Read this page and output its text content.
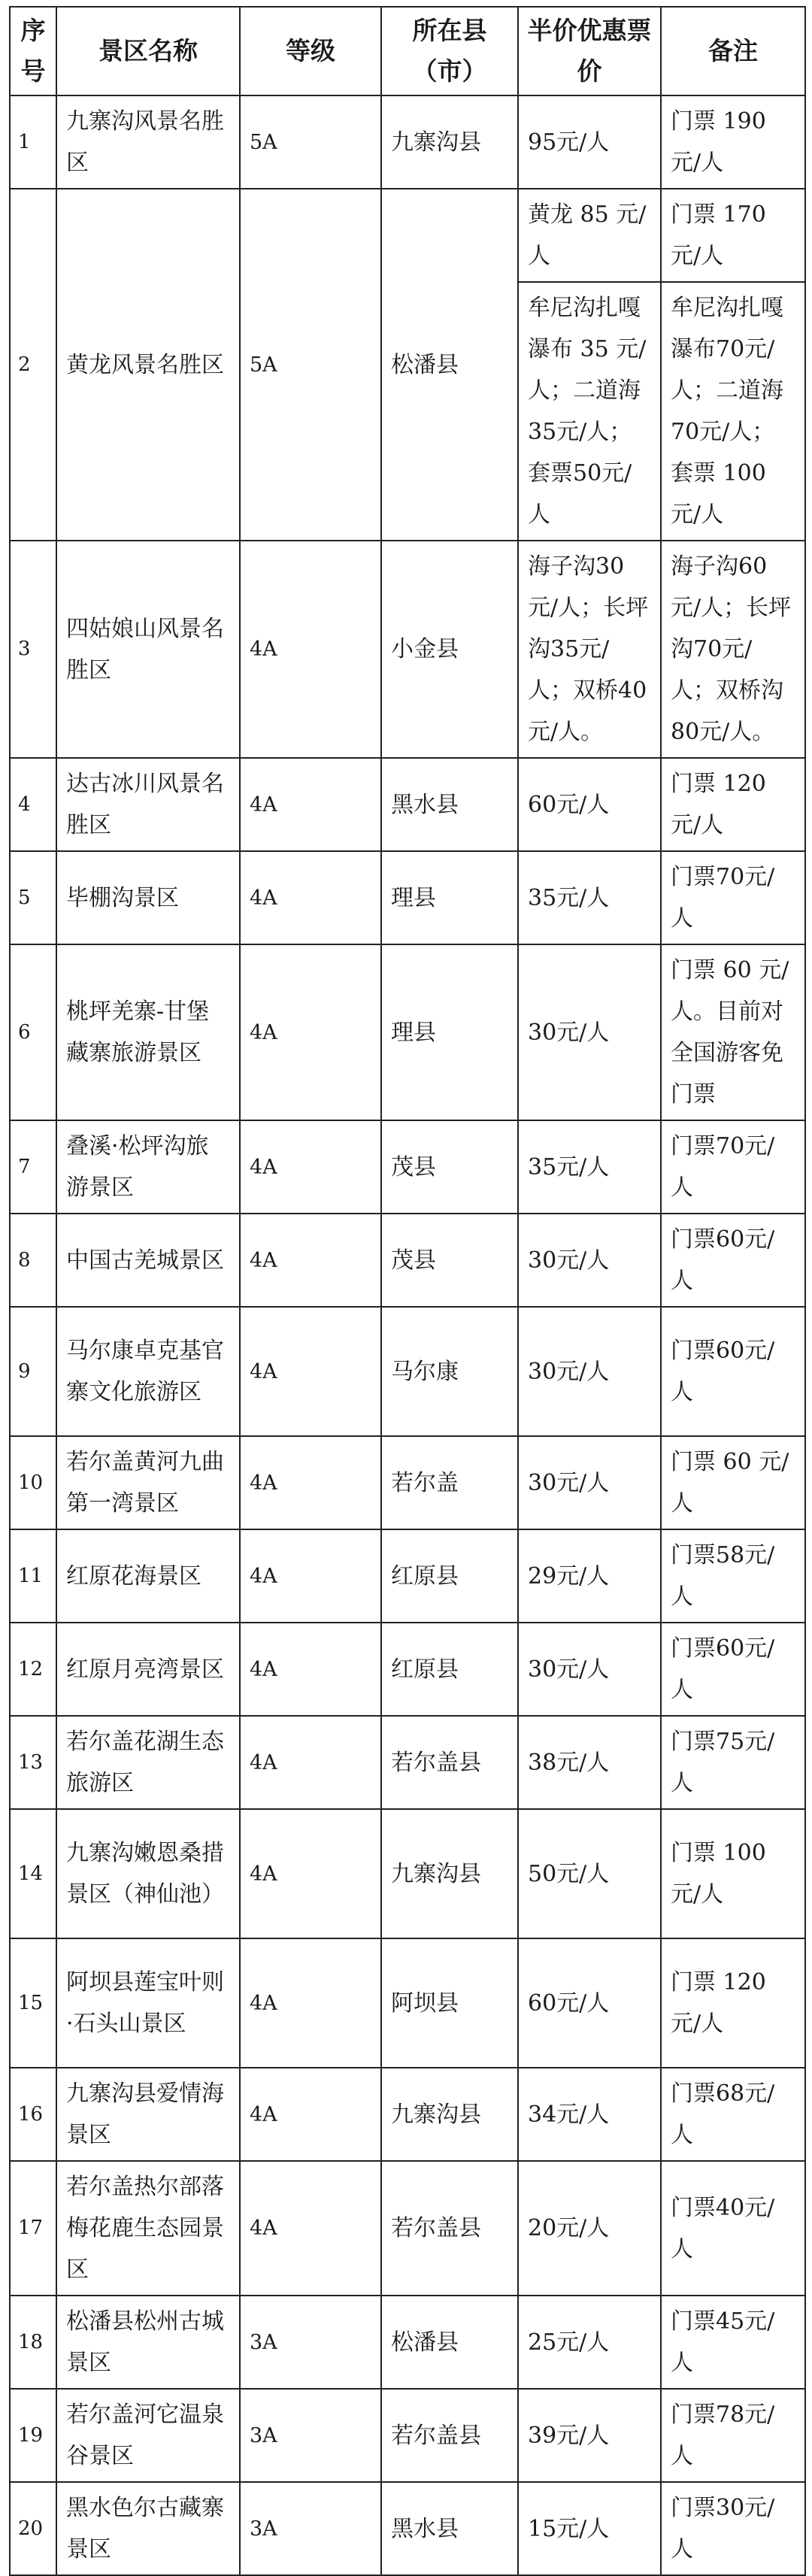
序号	景区名称	等级	所在县（市）	半价优惠票价	备注
1	九寨沟风景名胜区	5A	九寨沟县	95元/人	门票 190 元/人
2	黄龙风景名胜区	5A	松潘县	黄龙 85 元/人	门票 170 元/人
				牟尼沟扎嘎瀑布 35 元/人；二道海35元/人；套票50元/人	牟尼沟扎嘎瀑布70元/人；二道海70元/人；套票 100元/人
3	四姑娘山风景名胜区	4A	小金县	海子沟30元/人；长坪沟35元/人；双桥40元/人。	海子沟60元/人；长坪沟70元/人；双桥沟80元/人。
4	达古冰川风景名胜区	4A	黑水县	60元/人	门票 120 元/人
5	毕棚沟景区	4A	理县	35元/人	门票70元/人
6	桃坪羌寨-甘堡藏寨旅游景区	4A	理县	30元/人	门票 60 元/人。目前对全国游客免门票
7	叠溪·松坪沟旅游景区	4A	茂县	35元/人	门票70元/人
8	中国古羌城景区	4A	茂县	30元/人	门票60元/人
9	马尔康卓克基官寨文化旅游区	4A	马尔康	30元/人	门票60元/人
10	若尔盖黄河九曲第一湾景区	4A	若尔盖	30元/人	门票 60 元/人
11	红原花海景区	4A	红原县	29元/人	门票58元/人
12	红原月亮湾景区	4A	红原县	30元/人	门票60元/人
13	若尔盖花湖生态旅游区	4A	若尔盖县	38元/人	门票75元/人
14	九寨沟嫩恩桑措景区（神仙池）	4A	九寨沟县	50元/人	门票 100元/人
15	阿坝县莲宝叶则·石头山景区	4A	阿坝县	60元/人	门票 120元/人
16	九寨沟县爱情海景区	4A	九寨沟县	34元/人	门票68元/人
17	若尔盖热尔部落梅花鹿生态园景区	4A	若尔盖县	20元/人	门票40元/人
18	松潘县松州古城景区	3A	松潘县	25元/人	门票45元/人
19	若尔盖河它温泉谷景区	3A	若尔盖县	39元/人	门票78元/人
20	黑水色尔古藏寨景区	3A	黑水县	15元/人	门票30元/人
